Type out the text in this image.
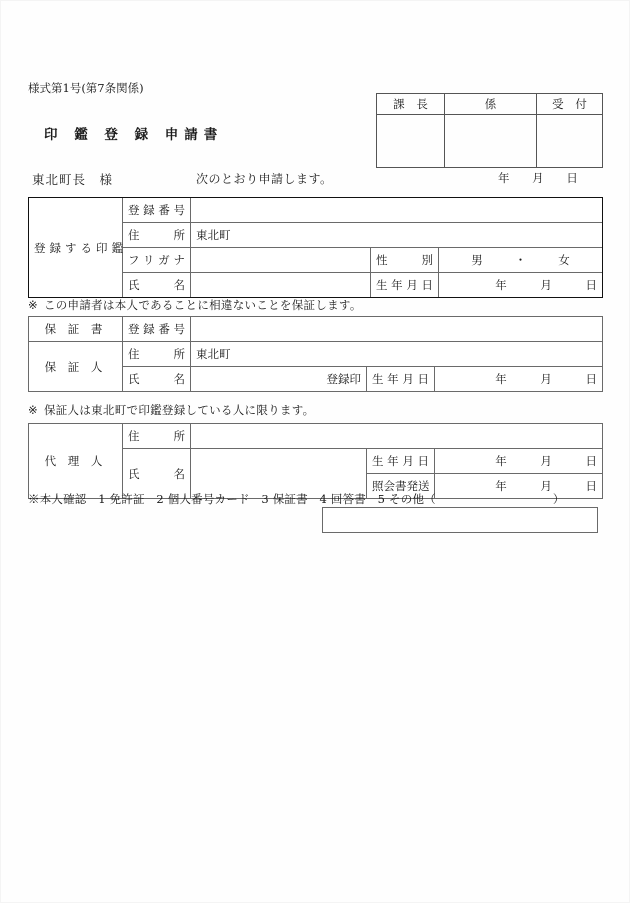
様式第1号(第7条関係)
印 鑑 登 録 申請書
東北町長　様	次のとおり申請します。	年 月 日
課 長	係	受 付

登録する印鑑	登録番号			
	住　所	東北町		
	フリガナ		性　別	男 ・ 女
	氏　名		生年月日	年 月 日
※ この申請者は本人であることに相違ないことを保証します。
保 証 書	登録番号			
保 証 人	住　所	東北町		
	氏　名	登録印	生年月日	年 月 日
※ 保証人は東北町で印鑑登録している人に限ります。
代 理 人	住　所			
	氏　名		生年月日	年 月 日
			照会書発送	年 月 日
※本人確認　1 免許証　2 個人番号カード　3 保証書　4 回答書　5 その他（　　　　　　　　　　）
